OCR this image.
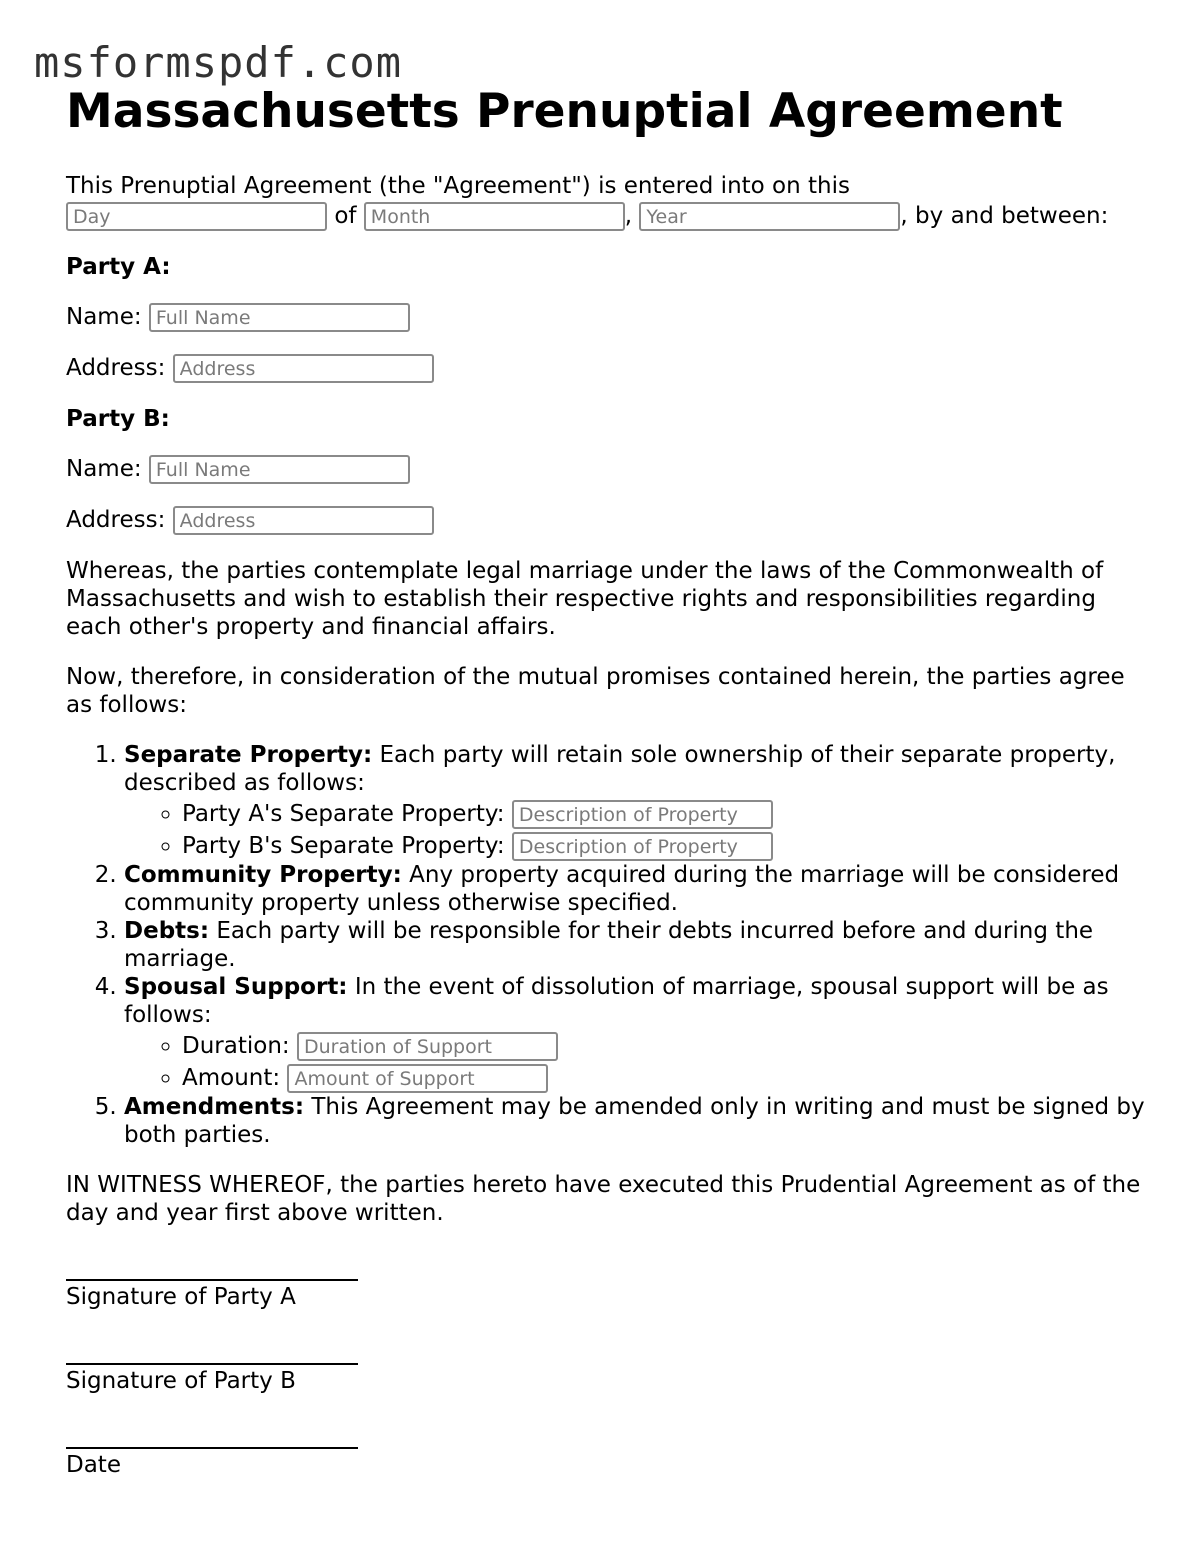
msformspdf.com
Massachusetts Prenuptial Agreement

This Prenuptial Agreement (the "Agreement") is entered into on this

Day of Month	, Year	, by and between:

Party A:

Name: Full Name

Address: Address

Party B:

Name: Full Name

Address: Address

Whereas, the parties contemplate legal marriage under the laws of the Commonwealth of Massachusetts and wish to establish their respective rights and responsibilities regarding each other's property and financial affairs.

Now, therefore, in consideration of the mutual promises contained herein, the parties agree as follows:

1. Separate Property: Each party will retain sole ownership of their separate property, described as follows:
◦ Party A's Separate Property: Description of Property
◦ Party B's Separate Property: Description of Property
2. Community Property: Any property acquired during the marriage will be considered community property unless otherwise specified.
3. Debts: Each party will be responsible for their debts incurred before and during the marriage.
4. Spousal Support: In the event of dissolution of marriage, spousal support will be as follows:
◦ Duration: Duration of Support
◦ Amount: Amount of Support
5. Amendments: This Agreement may be amended only in writing and must be signed by both parties.

IN WITNESS WHEREOF, the parties hereto have executed this Prudential Agreement as of the day and year first above written.

Signature of Party A
Signature of Party B
Date
